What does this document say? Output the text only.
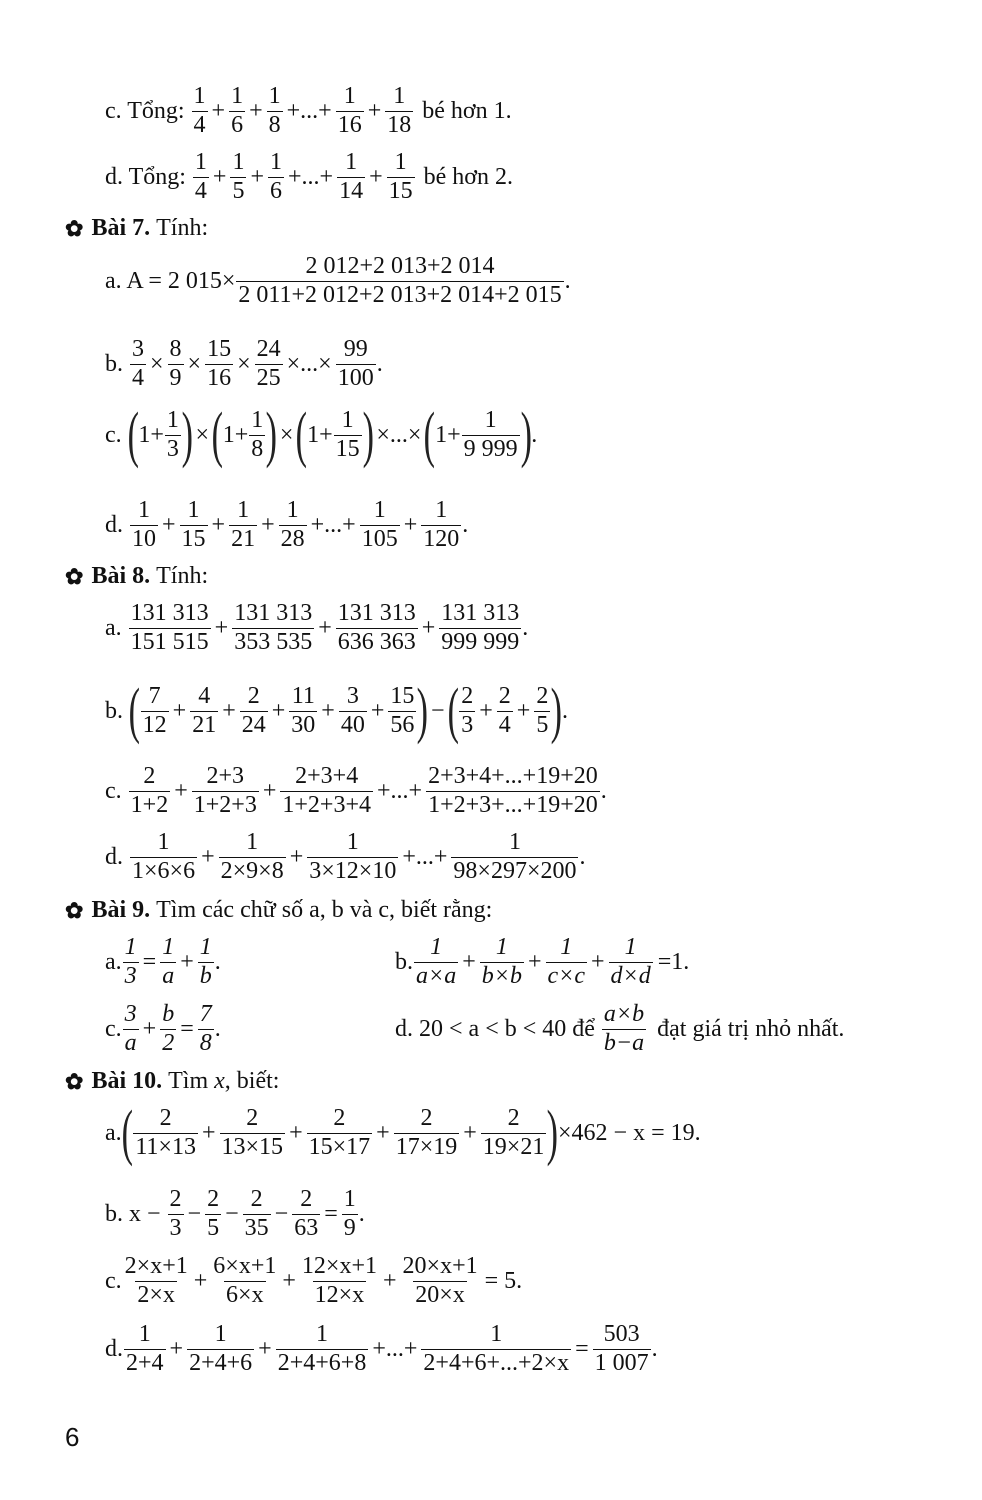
c. Tổng: $\frac{1}{4} + \frac{1}{6} + \frac{1}{8}$ +...+ $\frac{1}{16} + \frac{1}{18}$ bé hơn 1.
d. Tổng: $\frac{1}{4} + \frac{1}{5} + \frac{1}{6}$ +...+ $\frac{1}{14} + \frac{1}{15}$ bé hơn 2.
✿ Bài 7. Tính:
a. A = 2 $015\times \frac{2 012+2 013+2 014}{2 011+2 012+2 013+2 014+2 015}$ .
b. $\frac{3}{4} \times \frac{8}{9} \times \frac{15}{16} \times \frac{24}{25}$ ×...× $\frac{99}{100}$ .
c. ( $1+ \frac{1}{3}$ ) × ( $1+ \frac{1}{8}$ ) × ( $1+ \frac{1}{15}$ ) ×...× ( $1+ \frac{1}{9 999}$ ) .
d. $\frac{1}{10} + \frac{1}{15} + \frac{1}{21} + \frac{1}{28}$ +...+ $\frac{1}{105} + \frac{1}{120}$ .
✿ Bài 8. Tính:
a. $\frac{131 313}{151 515} + \frac{131 313}{353 535} + \frac{131 313}{636 363} + \frac{131 313}{999 999}$ .
b. ( $\frac{7}{12} + \frac{4}{21} + \frac{2}{24} + \frac{11}{30} + \frac{3}{40} + \frac{15}{56}$ ) − ( $\frac{2}{3} + \frac{2}{4} + \frac{2}{5}$ ) .
c. $\frac{2}{1+2} + \frac{2+3}{1+2+3} + \frac{2+3+4}{1+2+3+4}$ +...+ $\frac{2+3+4+...+19+20}{1+2+3+...+19+20}$ .
d. $\frac{1}{1\times 6\times 6} + \frac{1}{2\times 9\times 8} + \frac{1}{3\times 12\times 10}$ +...+ $\frac{1}{98\times 297\times 200}$ .
✿ Bài 9. Tìm các chữ số a, b và c, biết rằng:
a. $\frac{1}{3} = \frac{1}{a} + \frac{1}{b}$ .	b. $\frac{1}{a\times a} + \frac{1}{b\times b} + \frac{1}{c\times c} + \frac{1}{d\times d} =1$.
c. $\frac{3}{a} + \frac{b}{2} = \frac{7}{8}$ .	d. 20 < a < b < 40 để $\frac{a\times b}{b-a}$ đạt giá trị nhỏ nhất.
✿ Bài 10. Tìm x, biết:
a. ( $\frac{2}{11\times 13} + \frac{2}{13\times 15} + \frac{2}{15\times 17} + \frac{2}{17\times 19} + \frac{2}{19\times 21}$ ) ×462 − x = 19.
b. $x - \frac{2}{3} - \frac{2}{5} - \frac{2}{35} - \frac{2}{63} = \frac{1}{9}$ .
c. $\frac{2\times x+1}{2\times x} + \frac{6\times x+1}{6\times x} + \frac{12\times x+1}{12\times x} + \frac{20\times x+1}{20\times x} = 5$.
d. $\frac{1}{2+4} + \frac{1}{2+4+6} + \frac{1}{2+4+6+8}$ +...+ $\frac{1}{2+4+6+...+2\times x} = \frac{503}{1 007}$ .
6
